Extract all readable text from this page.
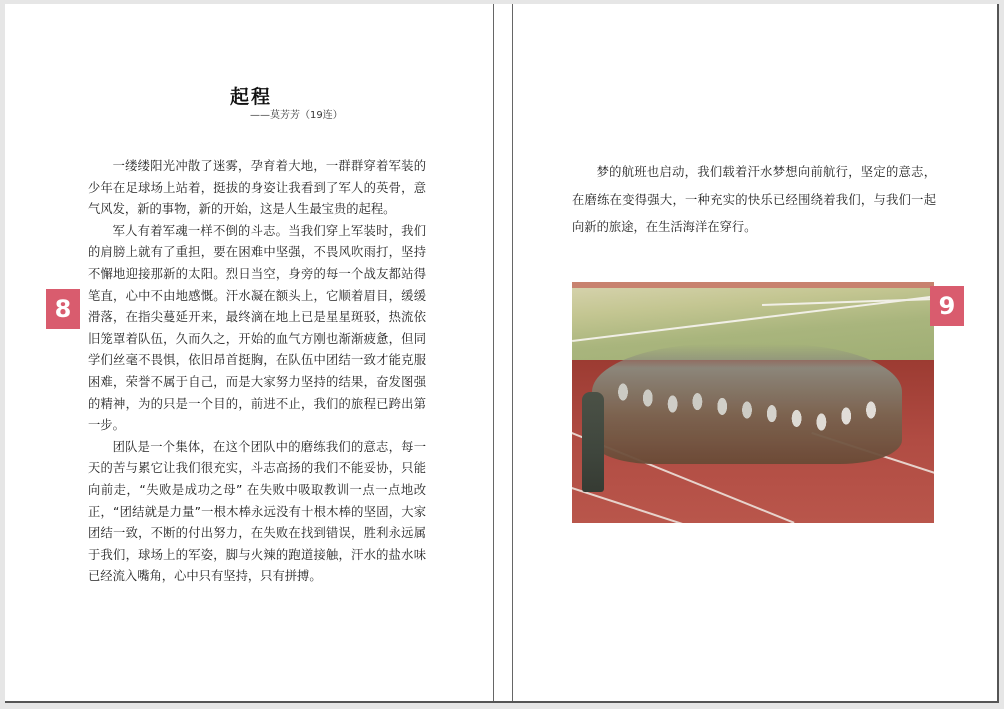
起程
——莫芳芳（19连）

一缕缕阳光冲散了迷雾，孕育着大地，一群群穿着军装的少年在足球场上站着，挺拔的身姿让我看到了军人的英骨，意气风发，新的事物，新的开始，这是人生最宝贵的起程。

军人有着军魂一样不倒的斗志。当我们穿上军装时，我们的肩膀上就有了重担，要在困难中坚强，不畏风吹雨打，坚持不懈地迎接那新的太阳。烈日当空，身旁的每一个战友都站得笔直，心中不由地感慨。汗水凝在额头上，它顺着眉目，缓缓滑落，在指尖蔓延开来，最终滴在地上已是星星斑驳，热流依旧笼罩着队伍，久而久之，开始的血气方刚也渐渐疲惫，但同学们丝毫不畏惧，依旧昂首挺胸，在队伍中团结一致才能克服困难，荣誉不属于自己，而是大家努力坚持的结果，奋发图强的精神，为的只是一个目的，前进不止，我们的旅程已跨出第一步。

团队是一个集体，在这个团队中的磨练我们的意志，每一天的苦与累它让我们很充实，斗志高扬的我们不能妥协，只能向前走，“失败是成功之母” 在失败中吸取教训一点一点地改正，“团结就是力量”一根木棒永远没有十根木棒的坚固，大家团结一致，不断的付出努力，在失败在找到错误，胜利永远属于我们，球场上的军姿，脚与火辣的跑道接触，汗水的盐水味已经流入嘴角，心中只有坚持，只有拼搏。

8

梦的航班也启动，我们载着汗水梦想向前航行，坚定的意志，在磨练在变得强大，一种充实的快乐已经围绕着我们，与我们一起向新的旅途，在生活海洋在穿行。

9
